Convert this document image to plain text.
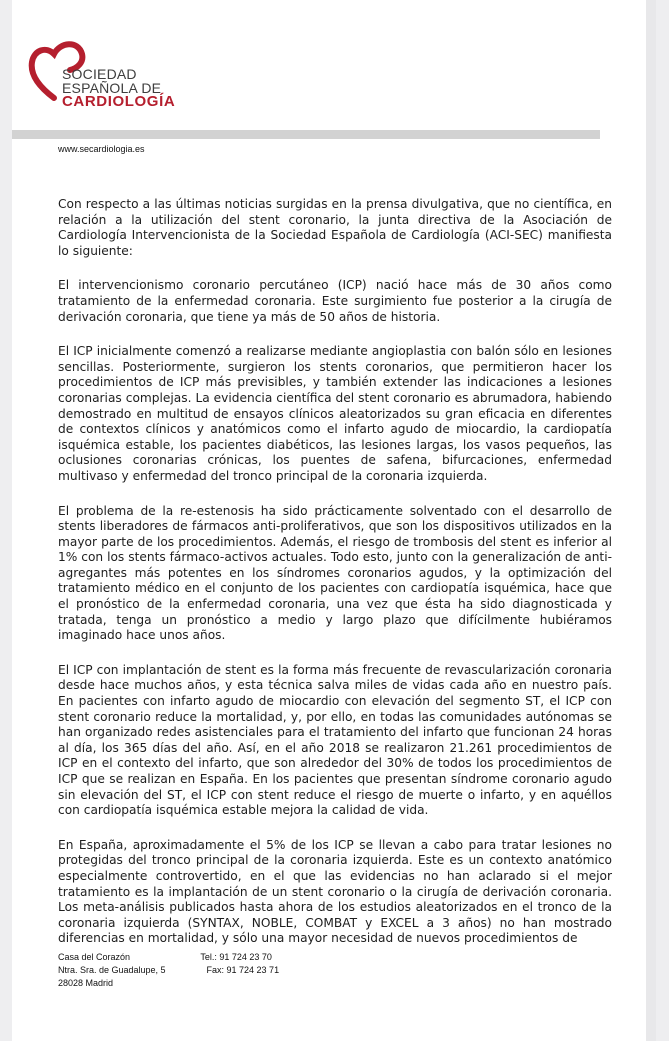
SOCIEDAD
ESPAÑOLA DE
CARDIOLOGÍA
www.secardiologia.es

Con respecto a las últimas noticias surgidas en la prensa divulgativa, que no científica, en relación a la utilización del stent coronario, la junta directiva de la Asociación de Cardiología Intervencionista de la Sociedad Española de Cardiología (ACI-SEC) manifiesta lo siguiente:

El intervencionismo coronario percutáneo (ICP) nació hace más de 30 años como tratamiento de la enfermedad coronaria. Este surgimiento fue posterior a la cirugía de derivación coronaria, que tiene ya más de 50 años de historia.

El ICP inicialmente comenzó a realizarse mediante angioplastia con balón sólo en lesiones sencillas. Posteriormente, surgieron los stents coronarios, que permitieron hacer los procedimientos de ICP más previsibles, y también extender las indicaciones a lesiones coronarias complejas. La evidencia científica del stent coronario es abrumadora, habiendo demostrado en multitud de ensayos clínicos aleatorizados su gran eficacia en diferentes de contextos clínicos y anatómicos como el infarto agudo de miocardio, la cardiopatía isquémica estable, los pacientes diabéticos, las lesiones largas, los vasos pequeños, las oclusiones coronarias crónicas, los puentes de safena, bifurcaciones, enfermedad multivaso y enfermedad del tronco principal de la coronaria izquierda.

El problema de la re-estenosis ha sido prácticamente solventado con el desarrollo de stents liberadores de fármacos anti-proliferativos, que son los dispositivos utilizados en la mayor parte de los procedimientos. Además, el riesgo de trombosis del stent es inferior al 1% con los stents fármaco-activos actuales. Todo esto, junto con la generalización de anti-agregantes más potentes en los síndromes coronarios agudos, y la optimización del tratamiento médico en el conjunto de los pacientes con cardiopatía isquémica, hace que el pronóstico de la enfermedad coronaria, una vez que ésta ha sido diagnosticada y tratada, tenga un pronóstico a medio y largo plazo que difícilmente hubiéramos imaginado hace unos años.

El ICP con implantación de stent es la forma más frecuente de revascularización coronaria desde hace muchos años, y esta técnica salva miles de vidas cada año en nuestro país. En pacientes con infarto agudo de miocardio con elevación del segmento ST, el ICP con stent coronario reduce la mortalidad, y, por ello, en todas las comunidades autónomas se han organizado redes asistenciales para el tratamiento del infarto que funcionan 24 horas al día, los 365 días del año. Así, en el año 2018 se realizaron 21.261 procedimientos de ICP en el contexto del infarto, que son alrededor del 30% de todos los procedimientos de ICP que se realizan en España. En los pacientes que presentan síndrome coronario agudo sin elevación del ST, el ICP con stent reduce el riesgo de muerte o infarto, y en aquéllos con cardiopatía isquémica estable mejora la calidad de vida.

En España, aproximadamente el 5% de los ICP se llevan a cabo para tratar lesiones no protegidas del tronco principal de la coronaria izquierda. Este es un contexto anatómico especialmente controvertido, en el que las evidencias no han aclarado si el mejor tratamiento es la implantación de un stent coronario o la cirugía de derivación coronaria. Los meta-análisis publicados hasta ahora de los estudios aleatorizados en el tronco de la coronaria izquierda (SYNTAX, NOBLE, COMBAT y EXCEL a 3 años) no han mostrado diferencias en mortalidad, y sólo una mayor necesidad de nuevos procedimientos de

Casa del Corazón	Tel.: 91 724 23 70
Ntra. Sra. de Guadalupe, 5	Fax: 91 724 23 71
28028 Madrid
